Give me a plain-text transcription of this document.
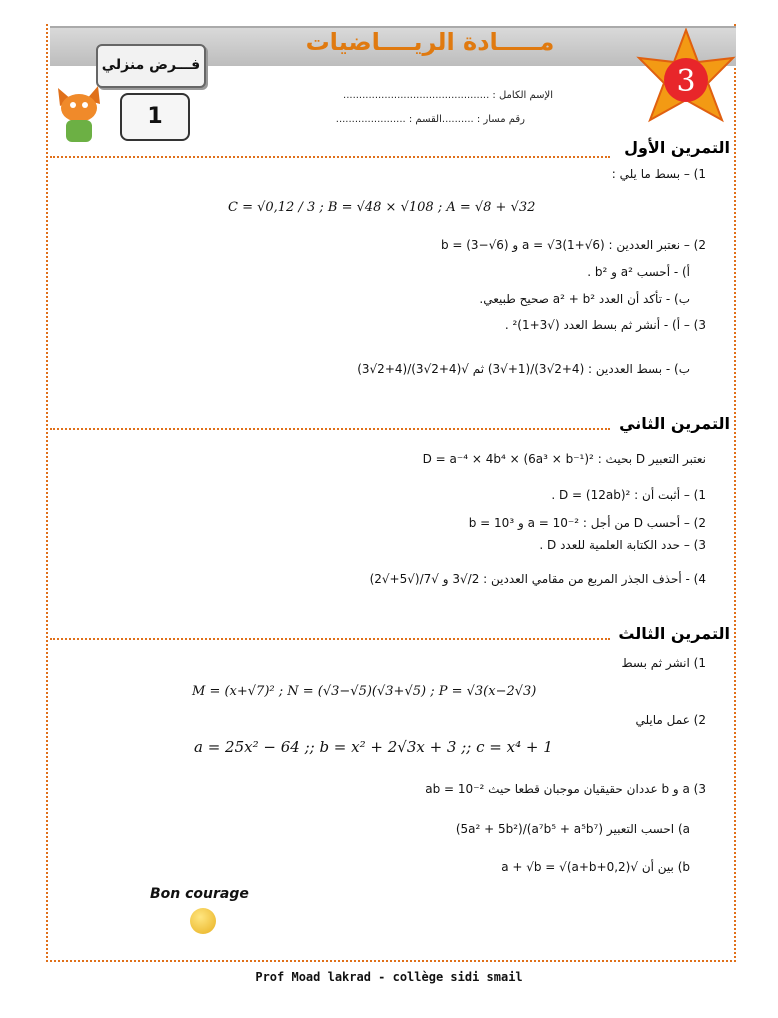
مـــــادة الريــــاضيات
فـــرض منزلي
1
3
الإسم الكامل : ..............................................
رقم مسار : ..........القسم : ......................
التمرين الأول
1) – بسط ما يلي :
C = √0,12 / 3 ; B = √48 × √108 ; A = √8 + √32
2) – نعتبر العددين : a = √3(1+√6) و b = (3−√6)
أ) - أحسب a² و b² .
ب) - تأكد أن العدد a² + b² صحيح طبيعي.
3) – أ) - أنشر ثم بسط العدد (√3+1)² .
ب) - بسط العددين : (4+2√3)/(1+√3) ثم √(4+2√3)/(4+2√3)
التمرين الثاني
نعتبر التعبير D بحيث : D = a⁻⁴ × 4b⁴ × (6a³ × b⁻¹)²
1) – أثبت أن : D = (12ab)² .
2) – أحسب D من أجل : a = 10⁻² و b = 10³
3) – حدد الكتابة العلمية للعدد D .
4) - أحذف الجذر المربع من مقامي العددين : 2/√3 و √7/(√5+√2)
التمرين الثالث
1) انشر ثم بسط
M = (x+√7)² ; N = (√3−√5)(√3+√5) ; P = √3(x−2√3)
2) عمل مايلي
a = 25x² − 64 ;; b = x² + 2√3x + 3 ;; c = x⁴ + 1
3) a و b عددان حقيقيان موجبان قطعا حيث ab = 10⁻²
a) احسب التعبير (a⁷b⁵ + a⁵b⁷)/(5a² + 5b²)
b) بين أن √a + √b = √(a+b+0,2)
Bon courage
Prof Moad lakrad - collège sidi smail
